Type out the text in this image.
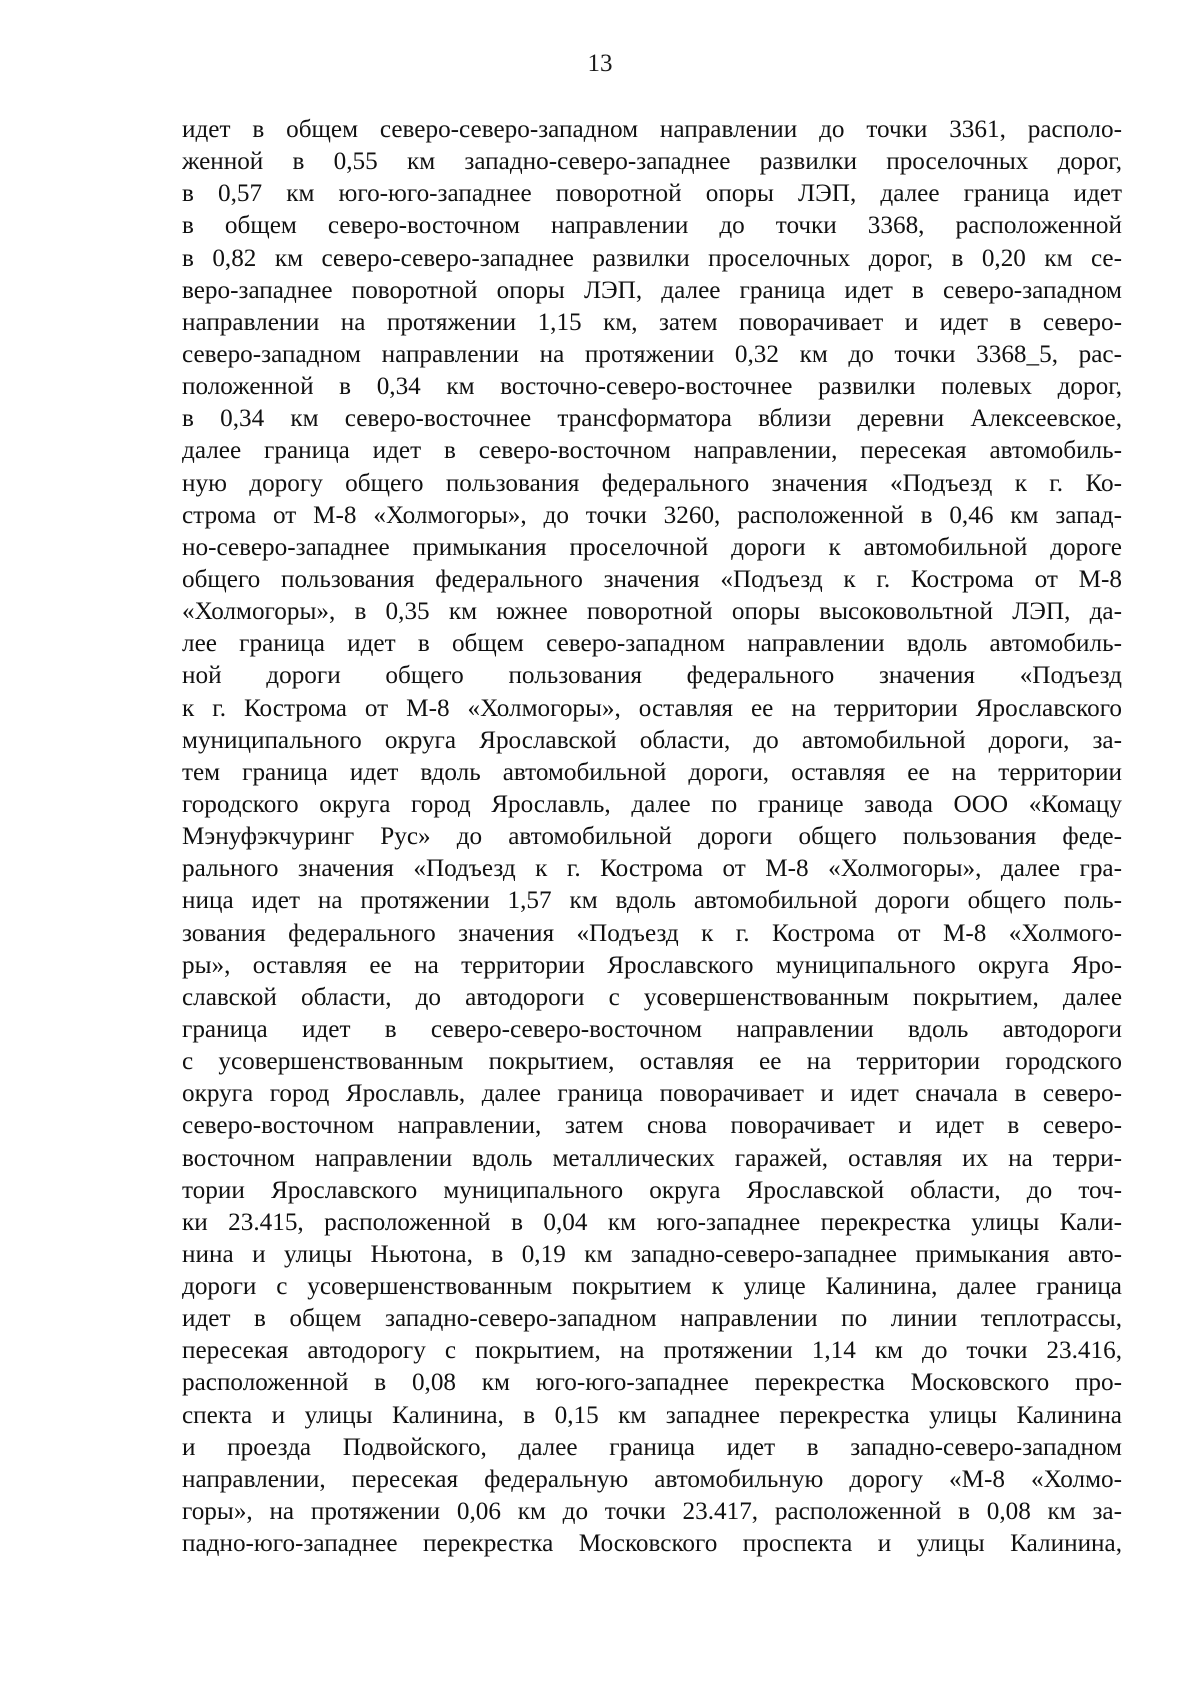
13
идет в общем северо-северо-западном направлении до точки 3361, располо-
женной в 0,55 км западно-северо-западнее развилки проселочных дорог,
в 0,57 км юго-юго-западнее поворотной опоры ЛЭП, далее граница идет
в общем северо-восточном направлении до точки 3368, расположенной
в 0,82 км северо-северо-западнее развилки проселочных дорог, в 0,20 км се-
веро-западнее поворотной опоры ЛЭП, далее граница идет в северо-западном
направлении на протяжении 1,15 км, затем поворачивает и идет в северо-
северо-западном направлении на протяжении 0,32 км до точки 3368_5, рас-
положенной в 0,34 км восточно-северо-восточнее развилки полевых дорог,
в 0,34 км северо-восточнее трансформатора вблизи деревни Алексеевское,
далее граница идет в северо-восточном направлении, пересекая автомобиль-
ную дорогу общего пользования федерального значения «Подъезд к г. Ко-
строма от М-8 «Холмогоры», до точки 3260, расположенной в 0,46 км запад-
но-северо-западнее примыкания проселочной дороги к автомобильной дороге
общего пользования федерального значения «Подъезд к г. Кострома от М-8
«Холмогоры», в 0,35 км южнее поворотной опоры высоковольтной ЛЭП, да-
лее граница идет в общем северо-западном направлении вдоль автомобиль-
ной дороги общего пользования федерального значения «Подъезд
к г. Кострома от М-8 «Холмогоры», оставляя ее на территории Ярославского
муниципального округа Ярославской области, до автомобильной дороги, за-
тем граница идет вдоль автомобильной дороги, оставляя ее на территории
городского округа город Ярославль, далее по границе завода ООО «Комацу
Мэнуфэкчуринг Рус» до автомобильной дороги общего пользования феде-
рального значения «Подъезд к г. Кострома от М-8 «Холмогоры», далее гра-
ница идет на протяжении 1,57 км вдоль автомобильной дороги общего поль-
зования федерального значения «Подъезд к г. Кострома от М-8 «Холмого-
ры», оставляя ее на территории Ярославского муниципального округа Яро-
славской области, до автодороги с усовершенствованным покрытием, далее
граница идет в северо-северо-восточном направлении вдоль автодороги
с усовершенствованным покрытием, оставляя ее на территории городского
округа город Ярославль, далее граница поворачивает и идет сначала в северо-
северо-восточном направлении, затем снова поворачивает и идет в северо-
восточном направлении вдоль металлических гаражей, оставляя их на терри-
тории Ярославского муниципального округа Ярославской области, до точ-
ки 23.415, расположенной в 0,04 км юго-западнее перекрестка улицы Кали-
нина и улицы Ньютона, в 0,19 км западно-северо-западнее примыкания авто-
дороги с усовершенствованным покрытием к улице Калинина, далее граница
идет в общем западно-северо-западном направлении по линии теплотрассы,
пересекая автодорогу с покрытием, на протяжении 1,14 км до точки 23.416,
расположенной в 0,08 км юго-юго-западнее перекрестка Московского про-
спекта и улицы Калинина, в 0,15 км западнее перекрестка улицы Калинина
и проезда Подвойского, далее граница идет в западно-северо-западном
направлении, пересекая федеральную автомобильную дорогу «М-8 «Холмо-
горы», на протяжении 0,06 км до точки 23.417, расположенной в 0,08 км за-
падно-юго-западнее перекрестка Московского проспекта и улицы Калинина,
